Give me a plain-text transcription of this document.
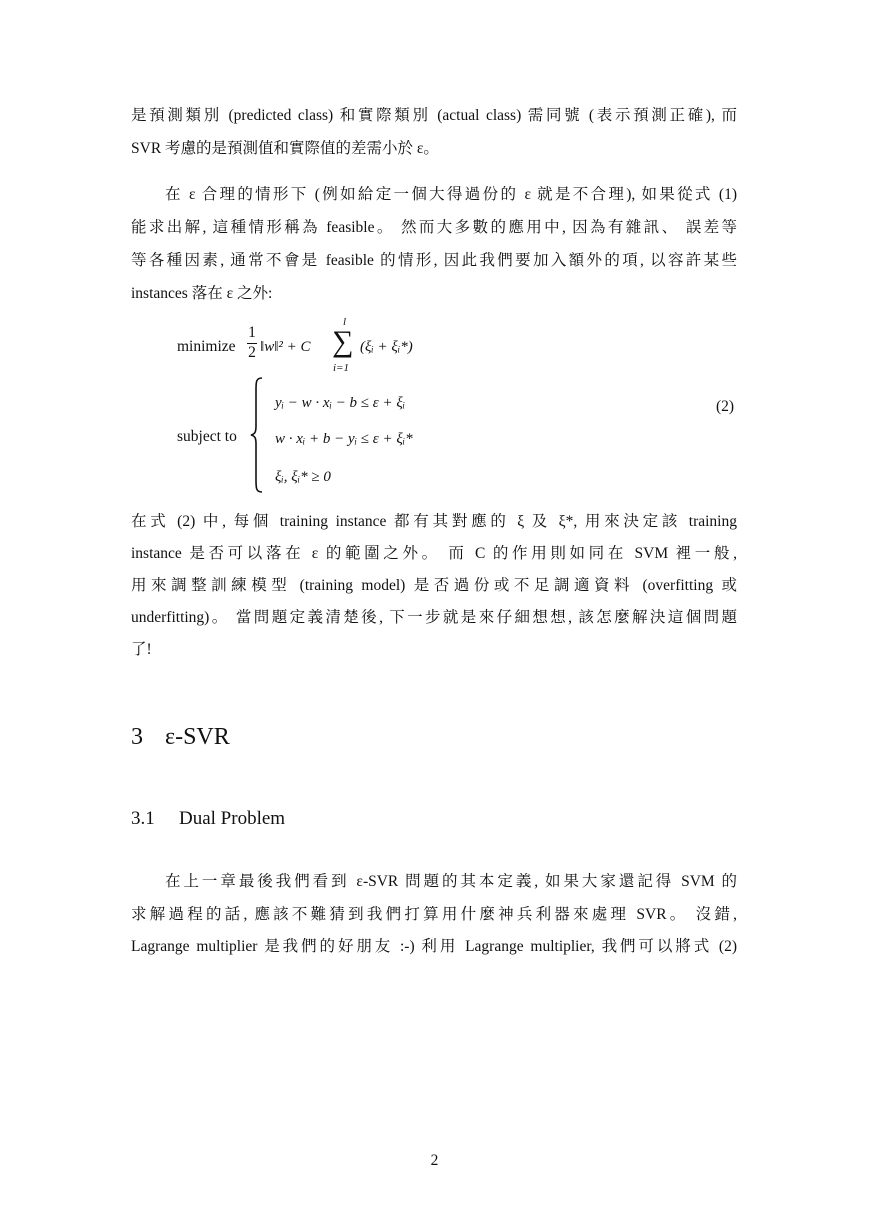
是預測類別 (predicted class) 和實際類別 (actual class) 需同號 (表示預測正確), 而
SVR 考慮的是預測值和實際值的差需小於 ε。
在 ε 合理的情形下 (例如給定一個大得過份的 ε 就是不合理), 如果從式 (1)
能求出解, 這種情形稱為 feasible。 然而大多數的應用中, 因為有雜訊、 誤差等
等各種因素, 通常不會是 feasible 的情形, 因此我們要加入額外的項, 以容許某些
instances 落在 ε 之外:
minimize
1
2 ‖w‖² + C
l
∑
i=1
(ξᵢ + ξᵢ*)
subject to
yᵢ − w · xᵢ − b ≤ ε + ξᵢ
w · xᵢ + b − yᵢ ≤ ε + ξᵢ*
ξᵢ, ξᵢ* ≥ 0
(2)
在式 (2) 中, 每個 training instance 都有其對應的 ξ 及 ξ*, 用來決定該 training
instance 是否可以落在 ε 的範圍之外。 而 C 的作用則如同在 SVM 裡一般,
用來調整訓練模型 (training model) 是否過份或不足調適資料 (overfitting 或
underfitting)。 當問題定義清楚後, 下一步就是來仔細想想, 該怎麼解決這個問題
了!
3 ε-SVR
3.1 Dual Problem
在上一章最後我們看到 ε-SVR 問題的其本定義, 如果大家還記得 SVM 的
求解過程的話, 應該不難猜到我們打算用什麼神兵利器來處理 SVR。 沒錯,
Lagrange multiplier 是我們的好朋友 :-) 利用 Lagrange multiplier, 我們可以將式 (2)
2
